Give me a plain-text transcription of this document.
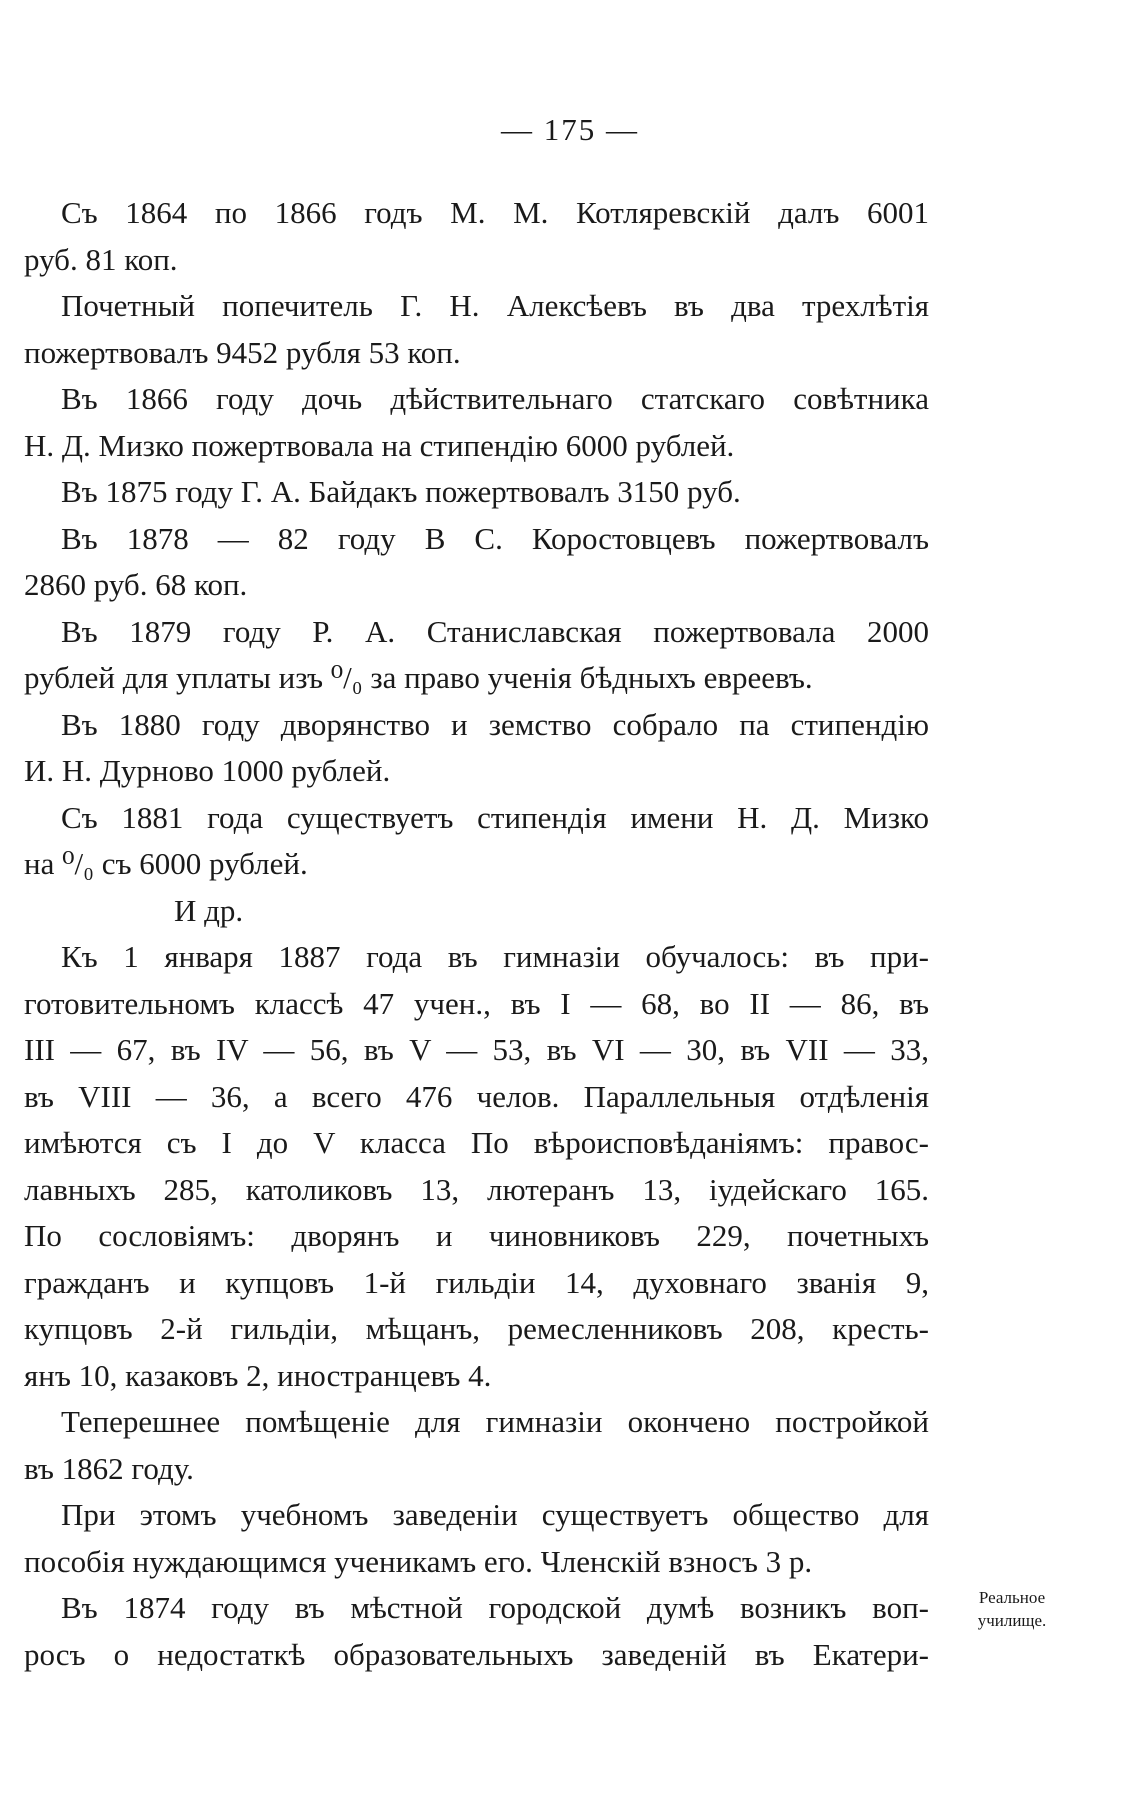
— 175 —
Съ 1864 по 1866 годъ М. М. Котляревскій далъ 6001
руб. 81 коп.
Почетный попечитель Г. Н. Алексѣевъ въ два трехлѣтія
пожертвовалъ 9452 рубля 53 коп.
Въ 1866 году дочь дѣйствительнаго статскаго совѣтника
Н. Д. Мизко пожертвовала на стипендію 6000 рублей.
Въ 1875 году Г. А. Байдакъ пожертвовалъ 3150 руб.
Въ 1878 — 82 году В С. Коростовцевъ пожертвовалъ
2860 руб. 68 коп.
Въ 1879 году Р. А. Станиславская пожертвовала 2000
рублей для уплаты изъ ⁰/₀ за право ученія бѣдныхъ евреевъ.
Въ 1880 году дворянство и земство собрало па стипендію
И. Н. Дурново 1000 рублей.
Съ 1881 года существуетъ стипендія имени Н. Д. Мизко
на ⁰/₀ съ 6000 рублей.
И др.
Къ 1 января 1887 года въ гимназіи обучалось: въ при-
готовительномъ классѣ 47 учен., въ I — 68, во II — 86, въ
III — 67, въ IV — 56, въ V — 53, въ VI — 30, въ VII — 33,
въ VIII — 36, а всего 476 челов. Параллельныя отдѣленія
имѣются съ I до V класса По вѣроисповѣданіямъ: правос-
лавныхъ 285, католиковъ 13, лютеранъ 13, іудейскаго 165.
По сословіямъ: дворянъ и чиновниковъ 229, почетныхъ
гражданъ и купцовъ 1-й гильдіи 14, духовнаго званія 9,
купцовъ 2-й гильдіи, мѣщанъ, ремесленниковъ 208, кресть-
янъ 10, казаковъ 2, иностранцевъ 4.
Теперешнее помѣщеніе для гимназіи окончено постройкой
въ 1862 году.
При этомъ учебномъ заведеніи существуетъ общество для
пособія нуждающимся ученикамъ его. Членскій взносъ 3 р.
Въ 1874 году въ мѣстной городской думѣ возникъ воп-
росъ о недостаткѣ образовательныхъ заведеній въ Екатери-
Реальное
училище.
